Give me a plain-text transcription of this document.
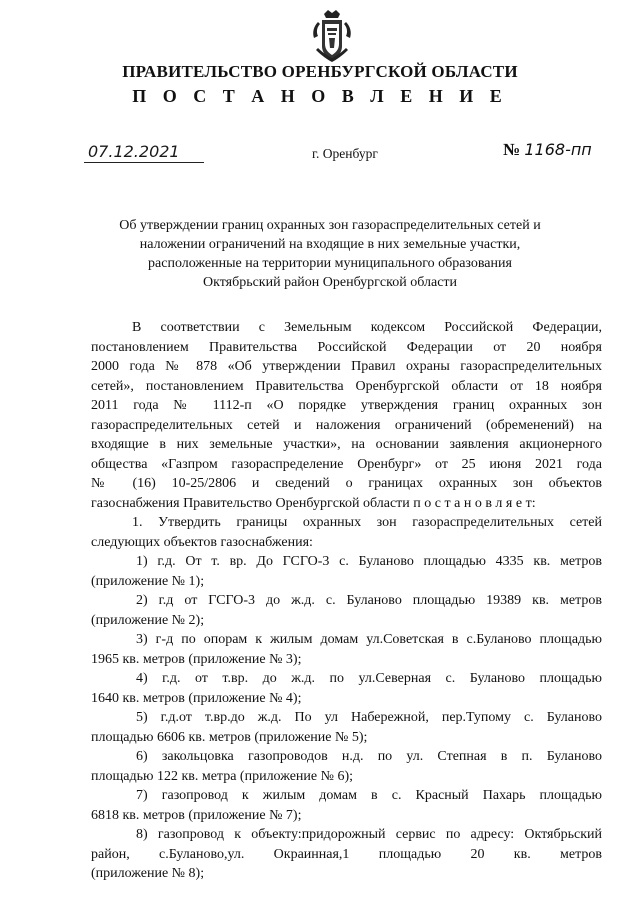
ПРАВИТЕЛЬСТВО ОРЕНБУРГСКОЙ ОБЛАСТИ
П О С Т А Н О В Л Е Н И Е
07.12.2021	г. Оренбург	№ 1168-пп
Об утверждении границ охранных зон газораспределительных сетей и
наложении ограничений на входящие в них земельные участки,
расположенные на территории муниципального образования
Октябрьский район Оренбургской области
В соответствии с Земельным кодексом Российской Федерации,
постановлением Правительства Российской Федерации от 20 ноября
2000 года № 878 «Об утверждении Правил охраны газораспределительных
сетей», постановлением Правительства Оренбургской области от 18 ноября
2011 года № 1112-п «О порядке утверждения границ охранных зон
газораспределительных сетей и наложения ограничений (обременений) на
входящие в них земельные участки», на основании заявления акционерного
общества «Газпром газораспределение Оренбург» от 25 июня 2021 года
№ (16) 10-25/2806 и сведений о границах охранных зон объектов
газоснабжения Правительство Оренбургской области п о с т а н о в л я е т:
1. Утвердить границы охранных зон газораспределительных сетей
следующих объектов газоснабжения:
1) г.д. От т. вр. До ГСГО-3 с. Буланово площадью 4335 кв. метров
(приложение № 1);
2) г.д от ГСГО-3 до ж.д. с. Буланово площадью 19389 кв. метров
(приложение № 2);
3) г-д по опорам к жилым домам ул.Советская в с.Буланово площадью
1965 кв. метров (приложение № 3);
4) г.д. от т.вр. до ж.д. по ул.Северная с. Буланово площадью
1640 кв. метров (приложение № 4);
5) г.д.от т.вр.до ж.д. По ул Набережной, пер.Тупому с. Буланово
площадью 6606 кв. метров (приложение № 5);
6) закольцовка газопроводов н.д. по ул. Степная в п. Буланово
площадью 122 кв. метра (приложение № 6);
7) газопровод к жилым домам в с. Красный Пахарь площадью
6818 кв. метров (приложение № 7);
8) газопровод к объекту:придорожный сервис по адресу: Октябрьский
район, с.Буланово,ул. Окраинная,1 площадью 20 кв. метров
(приложение № 8);
